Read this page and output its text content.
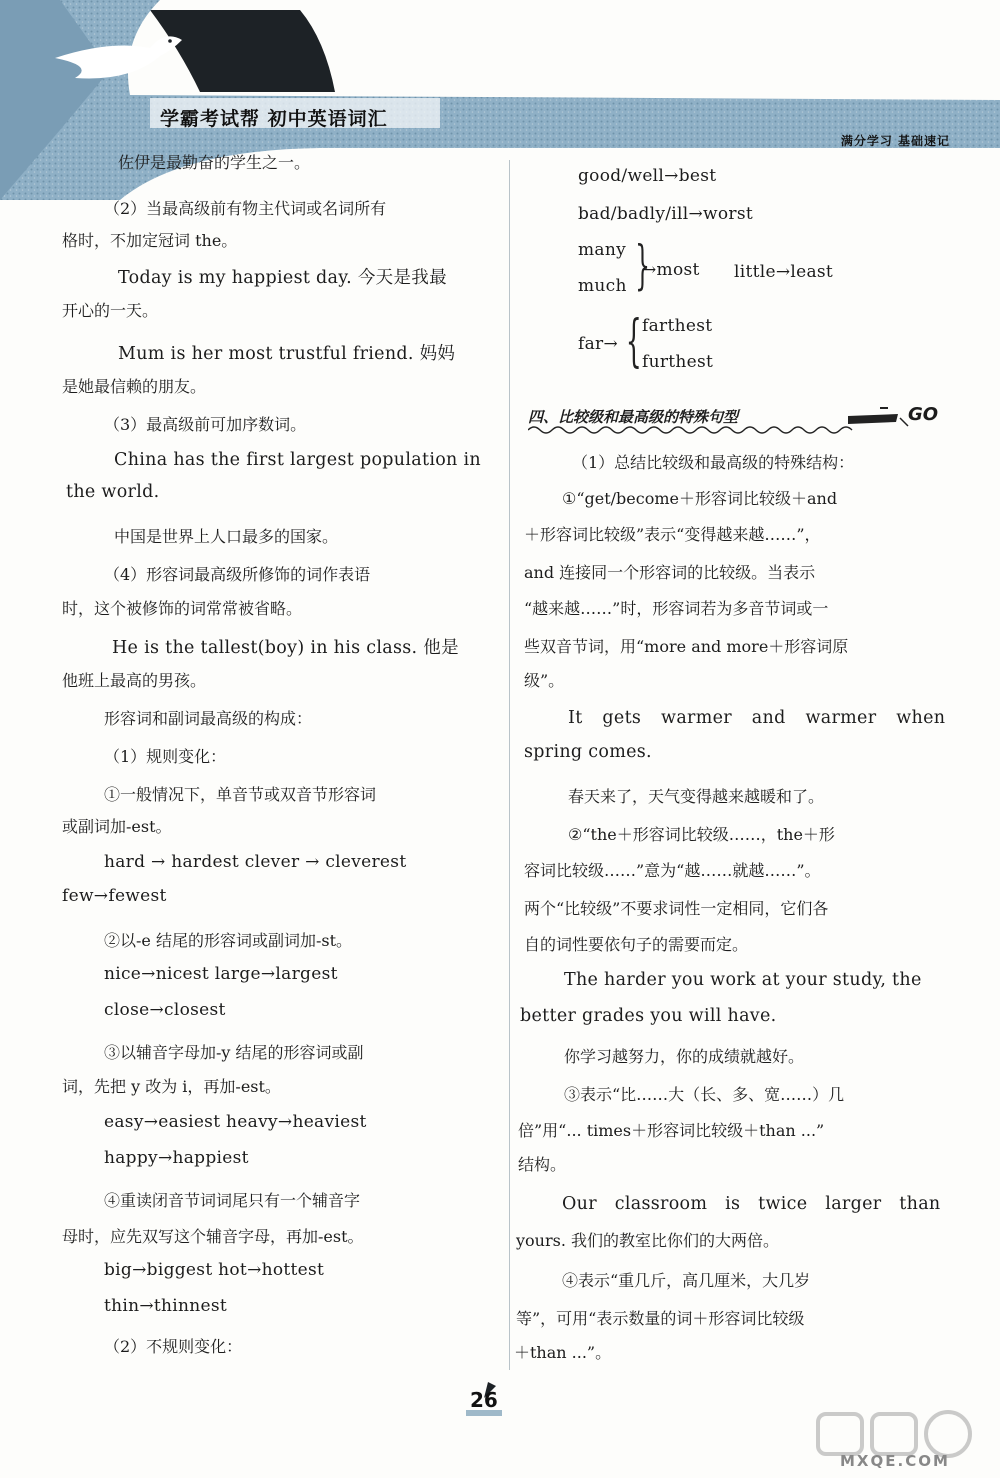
学霸考试帮 初中英语词汇
满分学习 基础速记
佐伊是最勤奋的学生之一。
（2）当最高级前有物主代词或名词所有
格时，不加定冠词 the。
Today is my happiest day. 今天是我最
开心的一天。
Mum is her most trustful friend. 妈妈
是她最信赖的朋友。
（3）最高级前可加序数词。
China has the first largest population in
the world.
中国是世界上人口最多的国家。
（4）形容词最高级所修饰的词作表语
时，这个被修饰的词常常被省略。
He is the tallest(boy) in his class. 他是
他班上最高的男孩。
形容词和副词最高级的构成：
（1）规则变化：
①一般情况下，单音节或双音节形容词
或副词加-est。
hard → hardest clever → cleverest
few→fewest
②以-e 结尾的形容词或副词加-st。
nice→nicest large→largest
close→closest
③以辅音字母加-y 结尾的形容词或副
词，先把 y 改为 i，再加-est。
easy→easiest heavy→heaviest
happy→happiest
④重读闭音节词词尾只有一个辅音字
母时，应先双写这个辅音字母，再加-est。
big→biggest hot→hottest
thin→thinnest
（2）不规则变化：
good/well→best
bad/badly/ill→worst
many
much }
→most little→least
far→ { farthest
furthest
四、比较级和最高级的特殊句型	GO
（1）总结比较级和最高级的特殊结构：
①“get/become＋形容词比较级＋and
＋形容词比较级”表示“变得越来越……”，
and 连接同一个形容词的比较级。当表示
“越来越……”时，形容词若为多音节词或一
些双音节词，用“more and more＋形容词原
级”。
It gets warmer and warmer when
spring comes.
春天来了，天气变得越来越暖和了。
②“the＋形容词比较级……，the＋形
容词比较级……”意为“越……就越……”。
两个“比较级”不要求词性一定相同，它们各
自的词性要依句子的需要而定。
The harder you work at your study, the
better grades you will have.
你学习越努力，你的成绩就越好。
③表示“比……大（长、多、宽……）几
倍”用“... times＋形容词比较级＋than ...”
结构。
Our classroom is twice larger than
yours. 我们的教室比你们的大两倍。
④表示“重几斤，高几厘米，大几岁
等”，可用“表示数量的词＋形容词比较级
＋than ...”。
26
MXQE.COM
